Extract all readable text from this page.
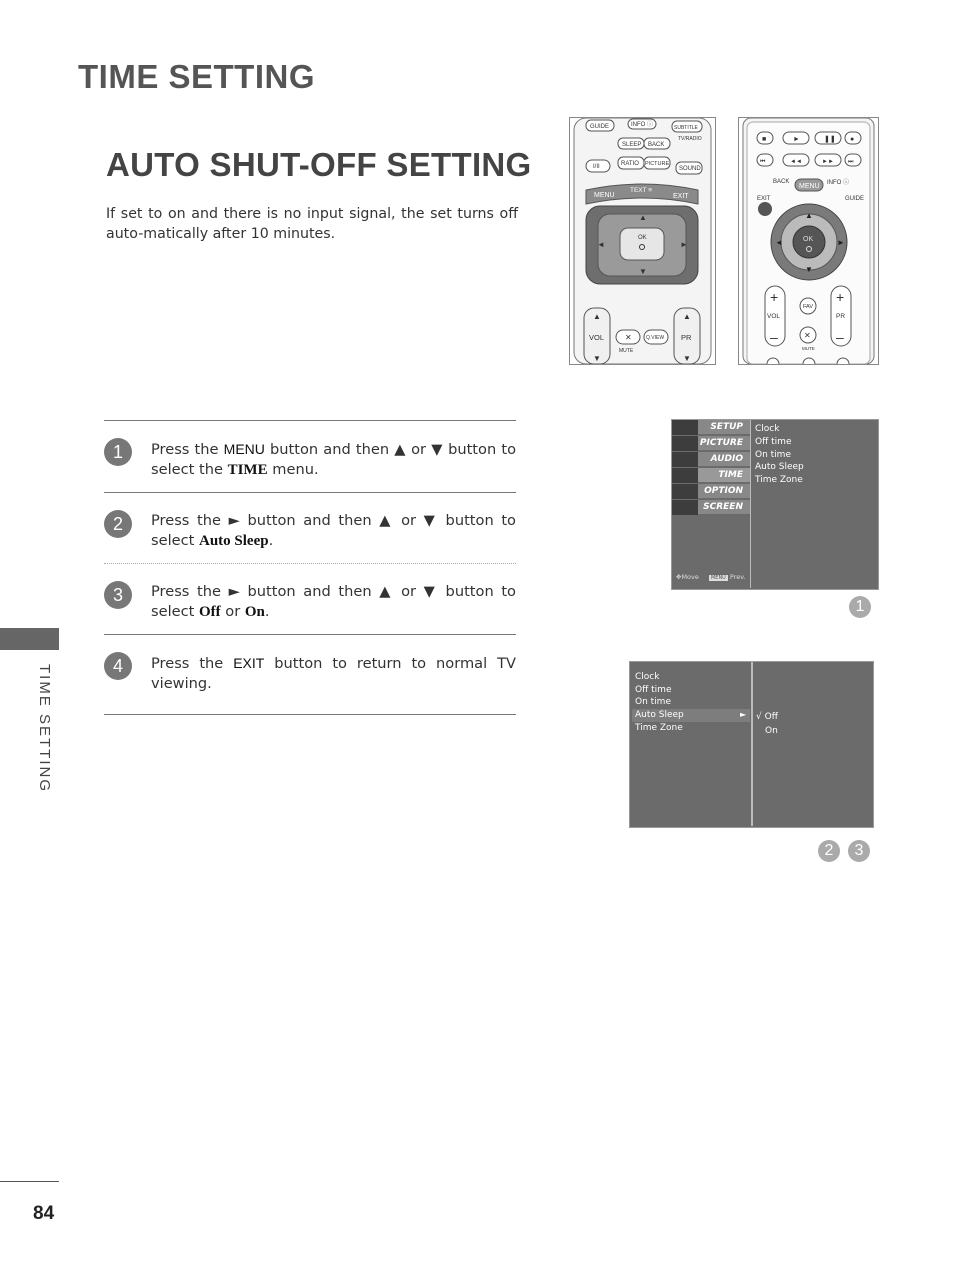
TIME SETTING
AUTO SHUT-OFF SETTING
If set to on and there is no input signal, the set turns off auto-matically after 10 minutes.
GUIDE	INFO ⓘ	SUBTITLE
TV/RADIO
SLEEP BACK
I/II	RATIO PICTURE
SOUND
MENU
TEXT ≡
EXIT
OK
▲
▼
◄	►
▲
VOL
▼
▲
PR
▼
✕
MUTE
Q.VIEW
■	►	❚❚ ●
⏮	◄◄	►► ⏭
BACK
MENU INFO ⓘ
EXIT	GUIDE
OK
▲
▼
◄	►
+
VOL
–
+
PR
–
FAV
✕
MUTE
1	Press the MENU button and then ▲ or ▼ button to select the TIME menu.
2	Press the ► button and then ▲ or ▼ button to select Auto Sleep.
3	Press the ► button and then ▲ or ▼ button to select Off or On.
4	Press the EXIT button to return to normal TV viewing.
SETUP
PICTURE
AUDIO
TIME
OPTION
SCREEN
Clock
Off time
On time
Auto Sleep
Time Zone
✥Move MENU Prev.
1
Clock
Off time
On time
Auto Sleep
Time Zone
► √ Off
On
2	3
TIME SETTING
84
